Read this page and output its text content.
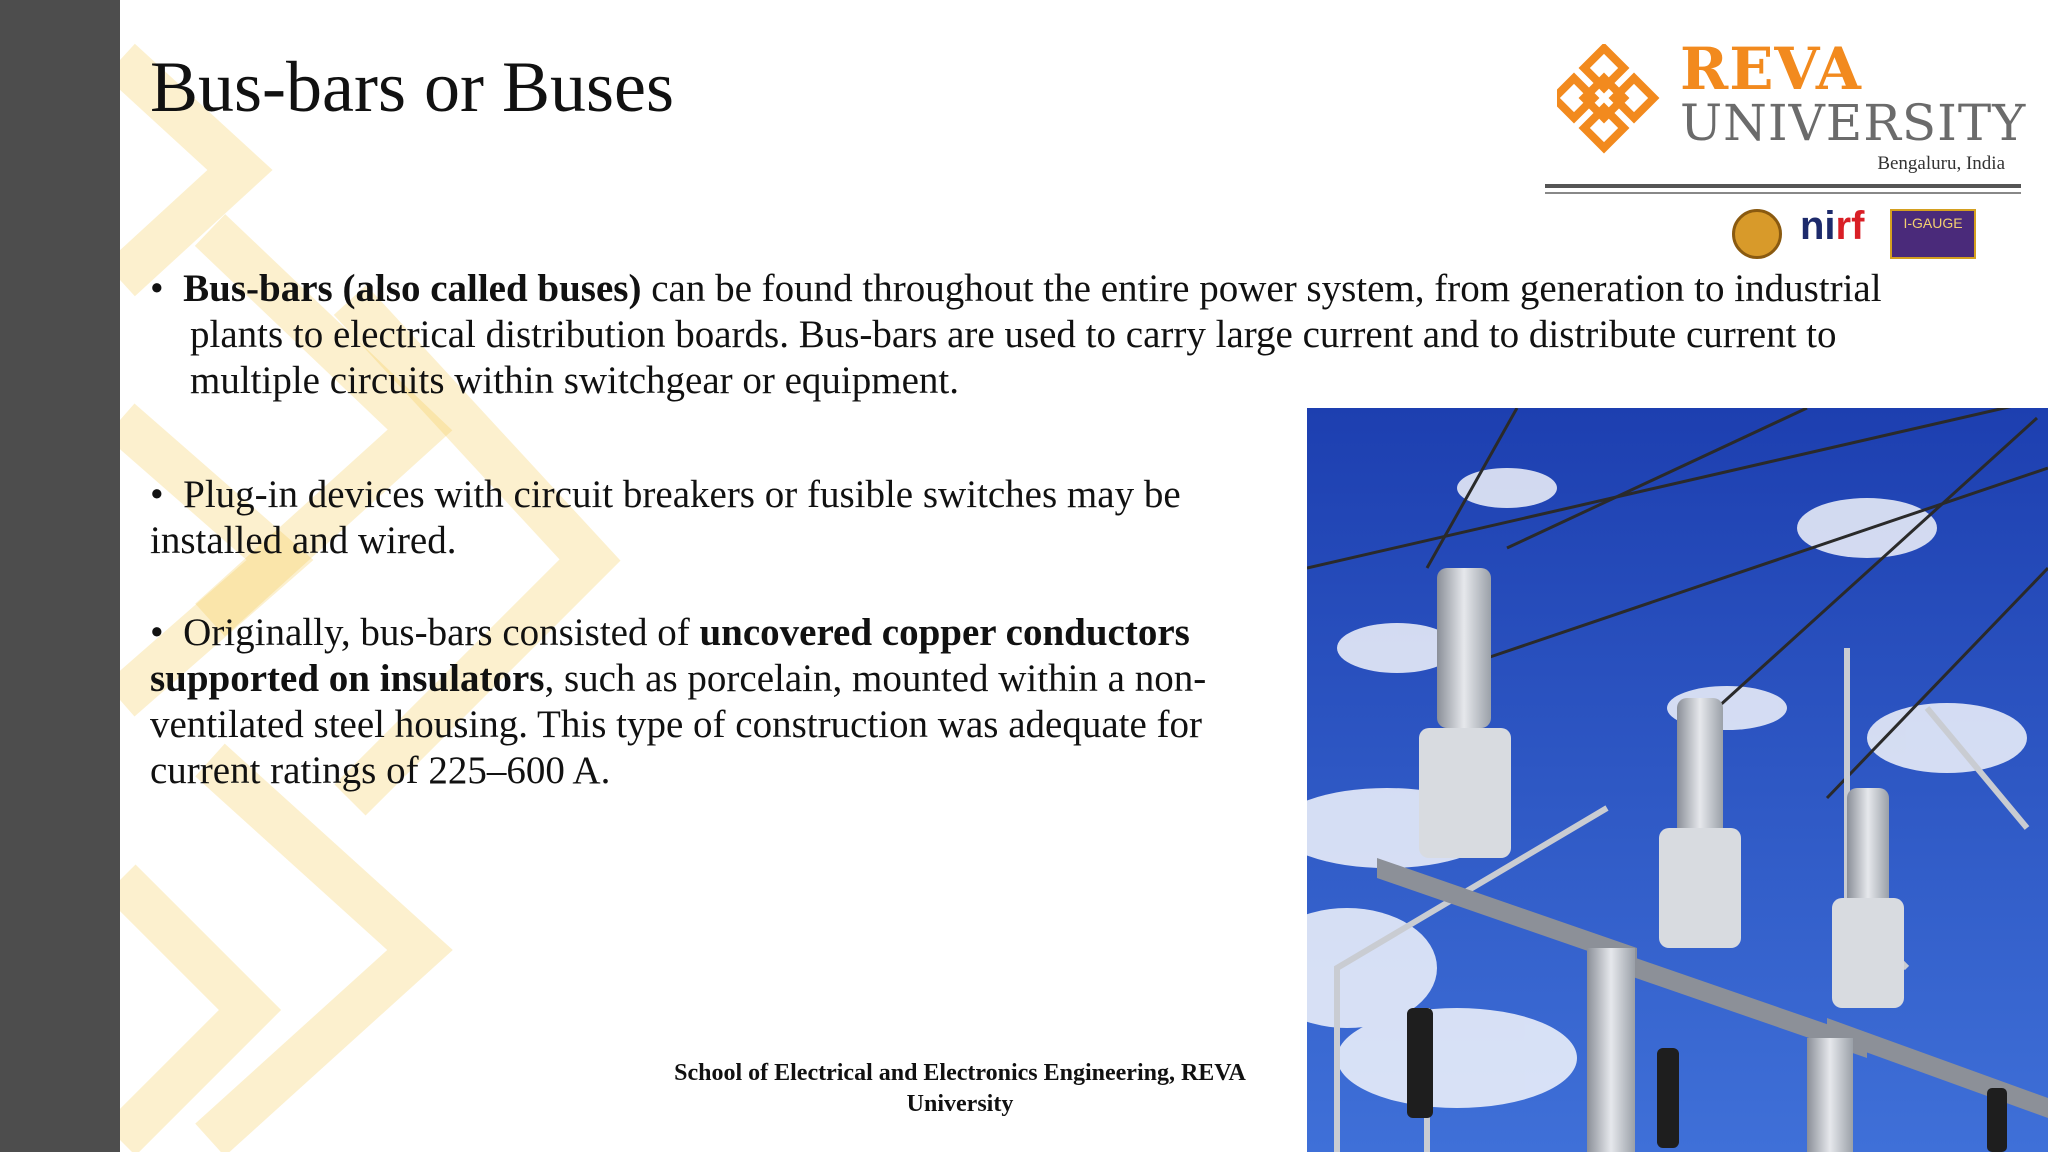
Bus-bars or Buses	REVA
UNIVERSITY
Bengaluru, India
nirf	I-GAUGE
• Bus-bars (also called buses) can be found throughout the entire power system, from generation to industrial plants to electrical distribution boards. Bus-bars are used to carry large current and to distribute current to multiple circuits within switchgear or equipment.
• Plug-in devices with circuit breakers or fusible switches may be installed and wired.
• Originally, bus-bars consisted of uncovered copper conductors supported on insulators, such as porcelain, mounted within a non-ventilated steel housing. This type of construction was adequate for current ratings of 225–600 A.
School of Electrical and Electronics Engineering, REVA University
